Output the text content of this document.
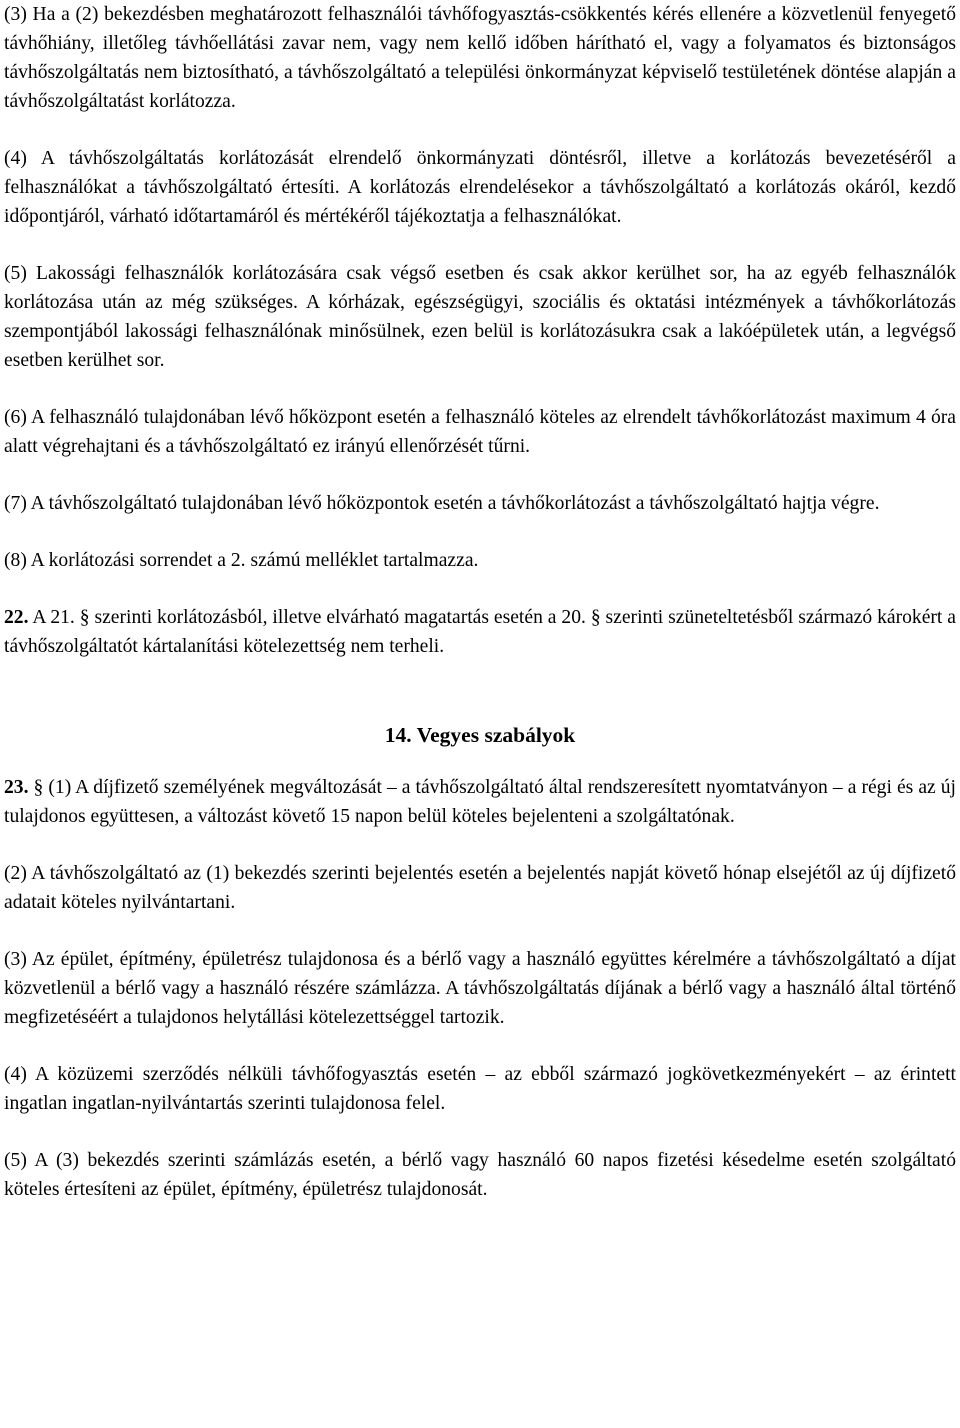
(3) Ha a (2) bekezdésben meghatározott felhasználói távhőfogyasztás-csökkentés kérés ellenére a közvetlenül fenyegető távhőhiány, illetőleg távhőellátási zavar nem, vagy nem kellő időben hárítható el, vagy a folyamatos és biztonságos távhőszolgáltatás nem biztosítható, a távhőszolgáltató a települési önkormányzat képviselő testületének döntése alapján a távhőszolgáltatást korlátozza.

(4) A távhőszolgáltatás korlátozását elrendelő önkormányzati döntésről, illetve a korlátozás bevezetéséről a felhasználókat a távhőszolgáltató értesíti. A korlátozás elrendelésekor a távhőszolgáltató a korlátozás okáról, kezdő időpontjáról, várható időtartamáról és mértékéről tájékoztatja a felhasználókat.

(5) Lakossági felhasználók korlátozására csak végső esetben és csak akkor kerülhet sor, ha az egyéb felhasználók korlátozása után az még szükséges. A kórházak, egészségügyi, szociális és oktatási intézmények a távhőkorlátozás szempontjából lakossági felhasználónak minősülnek, ezen belül is korlátozásukra csak a lakóépületek után, a legvégső esetben kerülhet sor.

(6) A felhasználó tulajdonában lévő hőközpont esetén a felhasználó köteles az elrendelt távhőkorlátozást maximum 4 óra alatt végrehajtani és a távhőszolgáltató ez irányú ellenőrzését tűrni.

(7) A távhőszolgáltató tulajdonában lévő hőközpontok esetén a távhőkorlátozást a távhőszolgáltató hajtja végre.

(8) A korlátozási sorrendet a 2. számú melléklet tartalmazza.

22. A 21. § szerinti korlátozásból, illetve elvárható magatartás esetén a 20. § szerinti szüneteltetésből származó károkért a távhőszolgáltatót kártalanítási kötelezettség nem terheli.

14. Vegyes szabályok

23. § (1) A díjfizető személyének megváltozását – a távhőszolgáltató által rendszeresített nyomtatványon – a régi és az új tulajdonos együttesen, a változást követő 15 napon belül köteles bejelenteni a szolgáltatónak.

(2) A távhőszolgáltató az (1) bekezdés szerinti bejelentés esetén a bejelentés napját követő hónap elsejétől az új díjfizető adatait köteles nyilvántartani.

(3) Az épület, építmény, épületrész tulajdonosa és a bérlő vagy a használó együttes kérelmére a távhőszolgáltató a díjat közvetlenül a bérlő vagy a használó részére számlázza. A távhőszolgáltatás díjának a bérlő vagy a használó által történő megfizetéséért a tulajdonos helytállási kötelezettséggel tartozik.

(4) A közüzemi szerződés nélküli távhőfogyasztás esetén – az ebből származó jogkövetkezményekért – az érintett ingatlan ingatlan-nyilvántartás szerinti tulajdonosa felel.

(5) A (3) bekezdés szerinti számlázás esetén, a bérlő vagy használó 60 napos fizetési késedelme esetén szolgáltató köteles értesíteni az épület, építmény, épületrész tulajdonosát.
